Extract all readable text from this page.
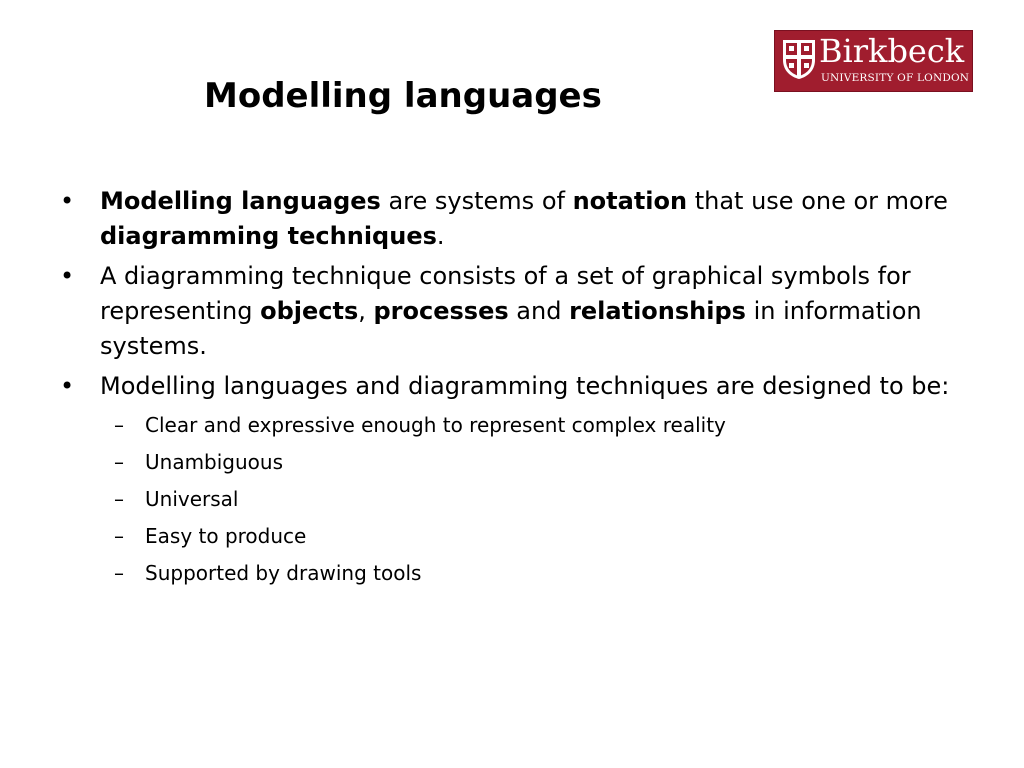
Birkbeck
UNIVERSITY OF LONDON
Modelling languages
• Modelling languages are systems of notation that use one or more diagramming techniques.
• A diagramming technique consists of a set of graphical symbols for representing objects, processes and relationships in information systems.
• Modelling languages and diagramming techniques are designed to be:
– Clear and expressive enough to represent complex reality
– Unambiguous
– Universal
– Easy to produce
– Supported by drawing tools
